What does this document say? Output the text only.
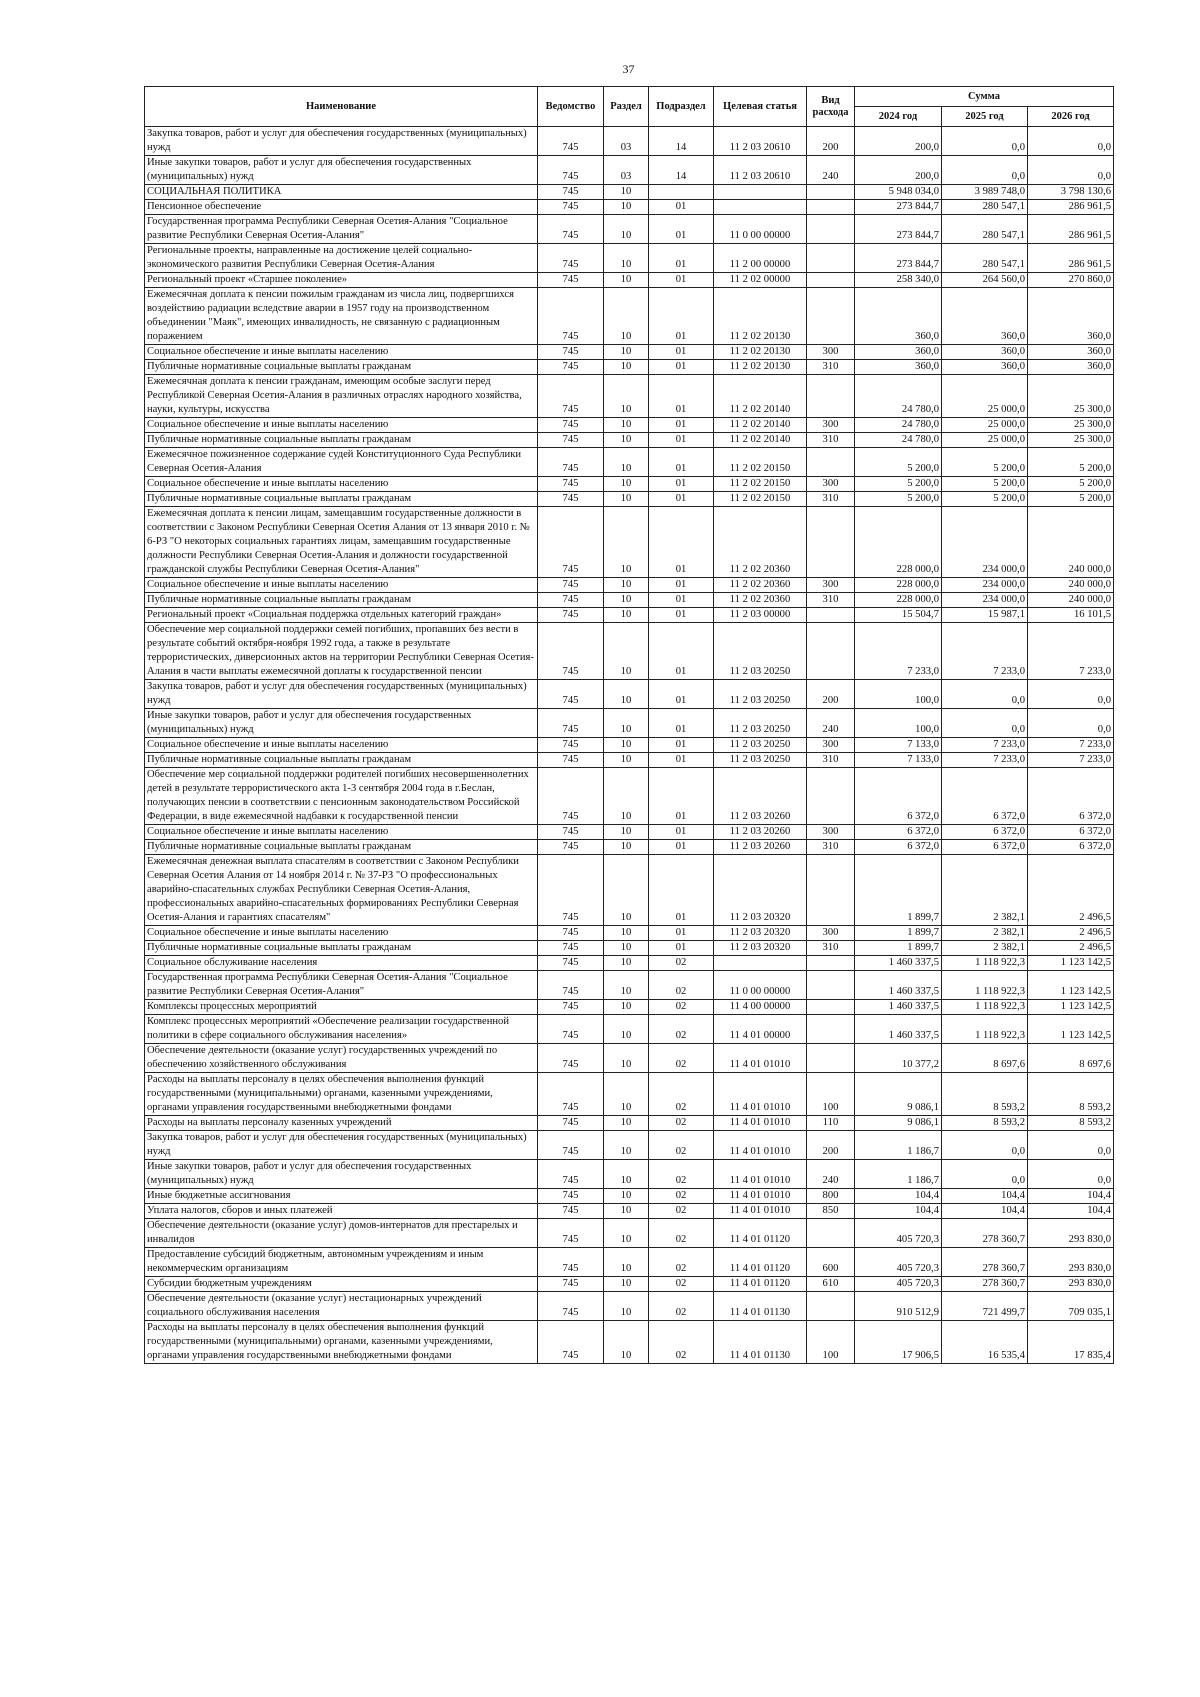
37
Наименование	Ведомство	Раздел	Подраздел	Целевая статья	Вид расхода	Сумма		
						2024 год	2025 год	2026 год
Закупка товаров, работ и услуг для обеспечения государственных (муниципальных) нужд	745	03	14	11 2 03 20610	200	200,0	0,0	0,0
Иные закупки товаров, работ и услуг для обеспечения государственных (муниципальных) нужд	745	03	14	11 2 03 20610	240	200,0	0,0	0,0
СОЦИАЛЬНАЯ ПОЛИТИКА	745	10				5 948 034,0	3 989 748,0	3 798 130,6
Пенсионное обеспечение	745	10	01			273 844,7	280 547,1	286 961,5
Государственная программа Республики Северная Осетия-Алания "Социальное развитие Республики Северная Осетия-Алания"	745	10	01	11 0 00 00000		273 844,7	280 547,1	286 961,5
Региональные проекты, направленные на достижение целей социально-экономического развития Республики Северная Осетия-Алания	745	10	01	11 2 00 00000		273 844,7	280 547,1	286 961,5
Региональный проект «Старшее поколение»	745	10	01	11 2 02 00000		258 340,0	264 560,0	270 860,0
Ежемесячная доплата к пенсии пожилым гражданам из числа лиц, подвергшихся воздействию радиации вследствие аварии в 1957 году на производственном объединении "Маяк", имеющих инвалидность, не связанную с радиационным поражением	745	10	01	11 2 02 20130		360,0	360,0	360,0
Социальное обеспечение и иные выплаты населению	745	10	01	11 2 02 20130	300	360,0	360,0	360,0
Публичные нормативные социальные выплаты гражданам	745	10	01	11 2 02 20130	310	360,0	360,0	360,0
Ежемесячная доплата к пенсии гражданам, имеющим особые заслуги перед Республикой Северная Осетия-Алания в различных отраслях народного хозяйства, науки, культуры, искусства	745	10	01	11 2 02 20140		24 780,0	25 000,0	25 300,0
Социальное обеспечение и иные выплаты населению	745	10	01	11 2 02 20140	300	24 780,0	25 000,0	25 300,0
Публичные нормативные социальные выплаты гражданам	745	10	01	11 2 02 20140	310	24 780,0	25 000,0	25 300,0
Ежемесячное пожизненное содержание судей Конституционного Суда Республики Северная Осетия-Алания	745	10	01	11 2 02 20150		5 200,0	5 200,0	5 200,0
Социальное обеспечение и иные выплаты населению	745	10	01	11 2 02 20150	300	5 200,0	5 200,0	5 200,0
Публичные нормативные социальные выплаты гражданам	745	10	01	11 2 02 20150	310	5 200,0	5 200,0	5 200,0
Ежемесячная доплата к пенсии лицам, замещавшим государственные должности в соответствии с Законом Республики Северная Осетия Алания от 13 января 2010 г. № 6-РЗ "О некоторых социальных гарантиях лицам, замещавшим государственные должности Республики Северная Осетия-Алания и должности государственной гражданской службы Республики Северная Осетия-Алания"	745	10	01	11 2 02 20360		228 000,0	234 000,0	240 000,0
Социальное обеспечение и иные выплаты населению	745	10	01	11 2 02 20360	300	228 000,0	234 000,0	240 000,0
Публичные нормативные социальные выплаты гражданам	745	10	01	11 2 02 20360	310	228 000,0	234 000,0	240 000,0
Региональный проект «Социальная поддержка отдельных категорий граждан»	745	10	01	11 2 03 00000		15 504,7	15 987,1	16 101,5
Обеспечение мер социальной поддержки семей погибших, пропавших без вести в результате событий октября-ноября 1992 года, а также в результате террористических, диверсионных актов на территории Республики Северная Осетия-Алания в части выплаты ежемесячной доплаты к государственной пенсии	745	10	01	11 2 03 20250		7 233,0	7 233,0	7 233,0
Закупка товаров, работ и услуг для обеспечения государственных (муниципальных) нужд	745	10	01	11 2 03 20250	200	100,0	0,0	0,0
Иные закупки товаров, работ и услуг для обеспечения государственных (муниципальных) нужд	745	10	01	11 2 03 20250	240	100,0	0,0	0,0
Социальное обеспечение и иные выплаты населению	745	10	01	11 2 03 20250	300	7 133,0	7 233,0	7 233,0
Публичные нормативные социальные выплаты гражданам	745	10	01	11 2 03 20250	310	7 133,0	7 233,0	7 233,0
Обеспечение мер социальной поддержки родителей погибших несовершеннолетних детей в результате террористического акта 1-3 сентября 2004 года в г.Беслан, получающих пенсии в соответствии с пенсионным законодательством Российской Федерации, в виде ежемесячной надбавки к государственной пенсии	745	10	01	11 2 03 20260		6 372,0	6 372,0	6 372,0
Социальное обеспечение и иные выплаты населению	745	10	01	11 2 03 20260	300	6 372,0	6 372,0	6 372,0
Публичные нормативные социальные выплаты гражданам	745	10	01	11 2 03 20260	310	6 372,0	6 372,0	6 372,0
Ежемесячная денежная выплата спасателям в соответствии с Законом Республики Северная Осетия Алания от 14 ноября 2014 г. № 37-РЗ "О профессиональных аварийно-спасательных службах Республики Северная Осетия-Алания, профессиональных аварийно-спасательных формированиях Республики Северная Осетия-Алания и гарантиях спасателям"	745	10	01	11 2 03 20320		1 899,7	2 382,1	2 496,5
Социальное обеспечение и иные выплаты населению	745	10	01	11 2 03 20320	300	1 899,7	2 382,1	2 496,5
Публичные нормативные социальные выплаты гражданам	745	10	01	11 2 03 20320	310	1 899,7	2 382,1	2 496,5
Социальное обслуживание населения	745	10	02			1 460 337,5	1 118 922,3	1 123 142,5
Государственная программа Республики Северная Осетия-Алания "Социальное развитие Республики Северная Осетия-Алания"	745	10	02	11 0 00 00000		1 460 337,5	1 118 922,3	1 123 142,5
Комплексы процессных мероприятий	745	10	02	11 4 00 00000		1 460 337,5	1 118 922,3	1 123 142,5
Комплекс процессных мероприятий «Обеспечение реализации государственной политики в сфере социального обслуживания населения»	745	10	02	11 4 01 00000		1 460 337,5	1 118 922,3	1 123 142,5
Обеспечение деятельности (оказание услуг) государственных учреждений по обеспечению хозяйственного обслуживания	745	10	02	11 4 01 01010		10 377,2	8 697,6	8 697,6
Расходы на выплаты персоналу в целях обеспечения выполнения функций государственными (муниципальными) органами, казенными учреждениями, органами управления государственными внебюджетными фондами	745	10	02	11 4 01 01010	100	9 086,1	8 593,2	8 593,2
Расходы на выплаты персоналу казенных учреждений	745	10	02	11 4 01 01010	110	9 086,1	8 593,2	8 593,2
Закупка товаров, работ и услуг для обеспечения государственных (муниципальных) нужд	745	10	02	11 4 01 01010	200	1 186,7	0,0	0,0
Иные закупки товаров, работ и услуг для обеспечения государственных (муниципальных) нужд	745	10	02	11 4 01 01010	240	1 186,7	0,0	0,0
Иные бюджетные ассигнования	745	10	02	11 4 01 01010	800	104,4	104,4	104,4
Уплата налогов, сборов и иных платежей	745	10	02	11 4 01 01010	850	104,4	104,4	104,4
Обеспечение деятельности (оказание услуг) домов-интернатов для престарелых и инвалидов	745	10	02	11 4 01 01120		405 720,3	278 360,7	293 830,0
Предоставление субсидий бюджетным, автономным учреждениям и иным некоммерческим организациям	745	10	02	11 4 01 01120	600	405 720,3	278 360,7	293 830,0
Субсидии бюджетным учреждениям	745	10	02	11 4 01 01120	610	405 720,3	278 360,7	293 830,0
Обеспечение деятельности (оказание услуг) нестационарных учреждений социального обслуживания населения	745	10	02	11 4 01 01130		910 512,9	721 499,7	709 035,1
Расходы на выплаты персоналу в целях обеспечения выполнения функций государственными (муниципальными) органами, казенными учреждениями, органами управления государственными внебюджетными фондами	745	10	02	11 4 01 01130	100	17 906,5	16 535,4	17 835,4
